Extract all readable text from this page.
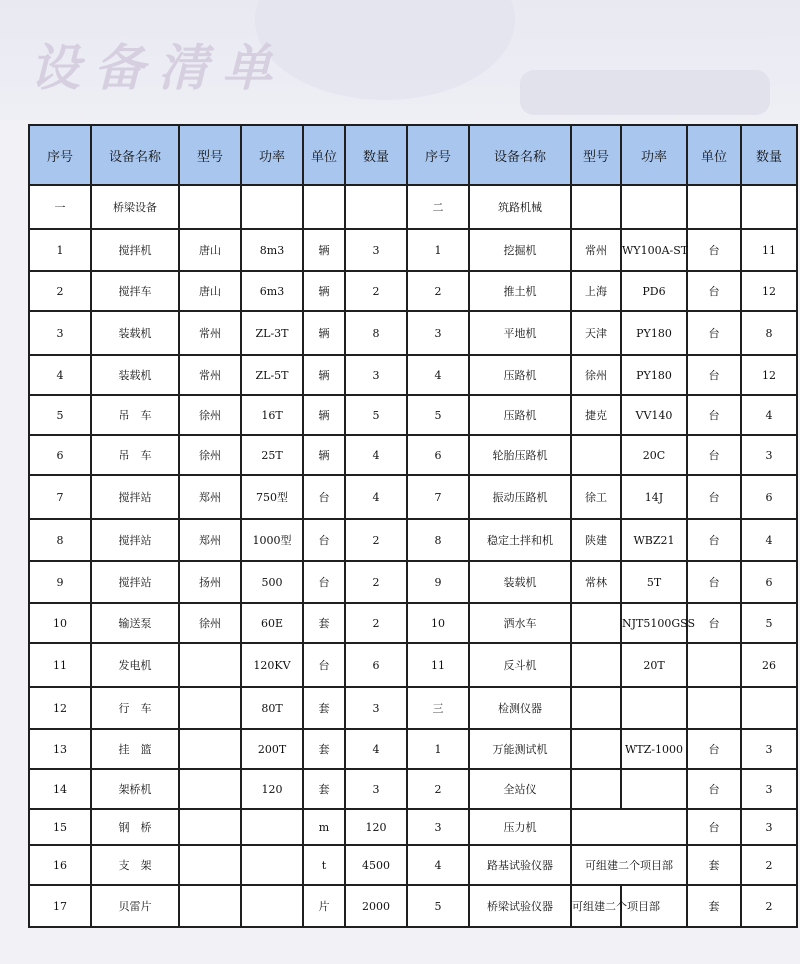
设备清单
序号	设备名称	型号	功率	单位	数量	序号	设备名称	型号	功率	单位	数量
一	桥梁设备					二	筑路机械				
1	搅拌机	唐山	8m3	辆	3	1	挖掘机	常州	WY100A-ST	台	11
2	搅拌车	唐山	6m3	辆	2	2	推土机	上海	PD6	台	12
3	装载机	常州	ZL-3T	辆	8	3	平地机	天津	PY180	台	8
4	装载机	常州	ZL-5T	辆	3	4	压路机	徐州	PY180	台	12
5	吊　车	徐州	16T	辆	5	5	压路机	捷克	VV140	台	4
6	吊　车	徐州	25T	辆	4	6	轮胎压路机		20C	台	3
7	搅拌站	郑州	750型	台	4	7	振动压路机	徐工	14J	台	6
8	搅拌站	郑州	1000型	台	2	8	稳定土拌和机	陕建	WBZ21	台	4
9	搅拌站	扬州	500	台	2	9	装载机	常林	5T	台	6
10	输送泵	徐州	60E	套	2	10	洒水车		NJT5100GSS	台	5
11	发电机		120KV	台	6	11	反斗机		20T		26
12	行　车		80T	套	3	三	检测仪器				
13	挂　篮		200T	套	4	1	万能测试机		WTZ-1000	台	3
14	架桥机		120	套	3	2	全站仪			台	3
15	钢　桥			m	120	3	压力机			台	3
16	支　架			t	4500	4	路基试验仪器	可组建二个项目部		套	2
17	贝雷片			片	2000	5	桥梁试验仪器	可组建二个项目部		套	2
